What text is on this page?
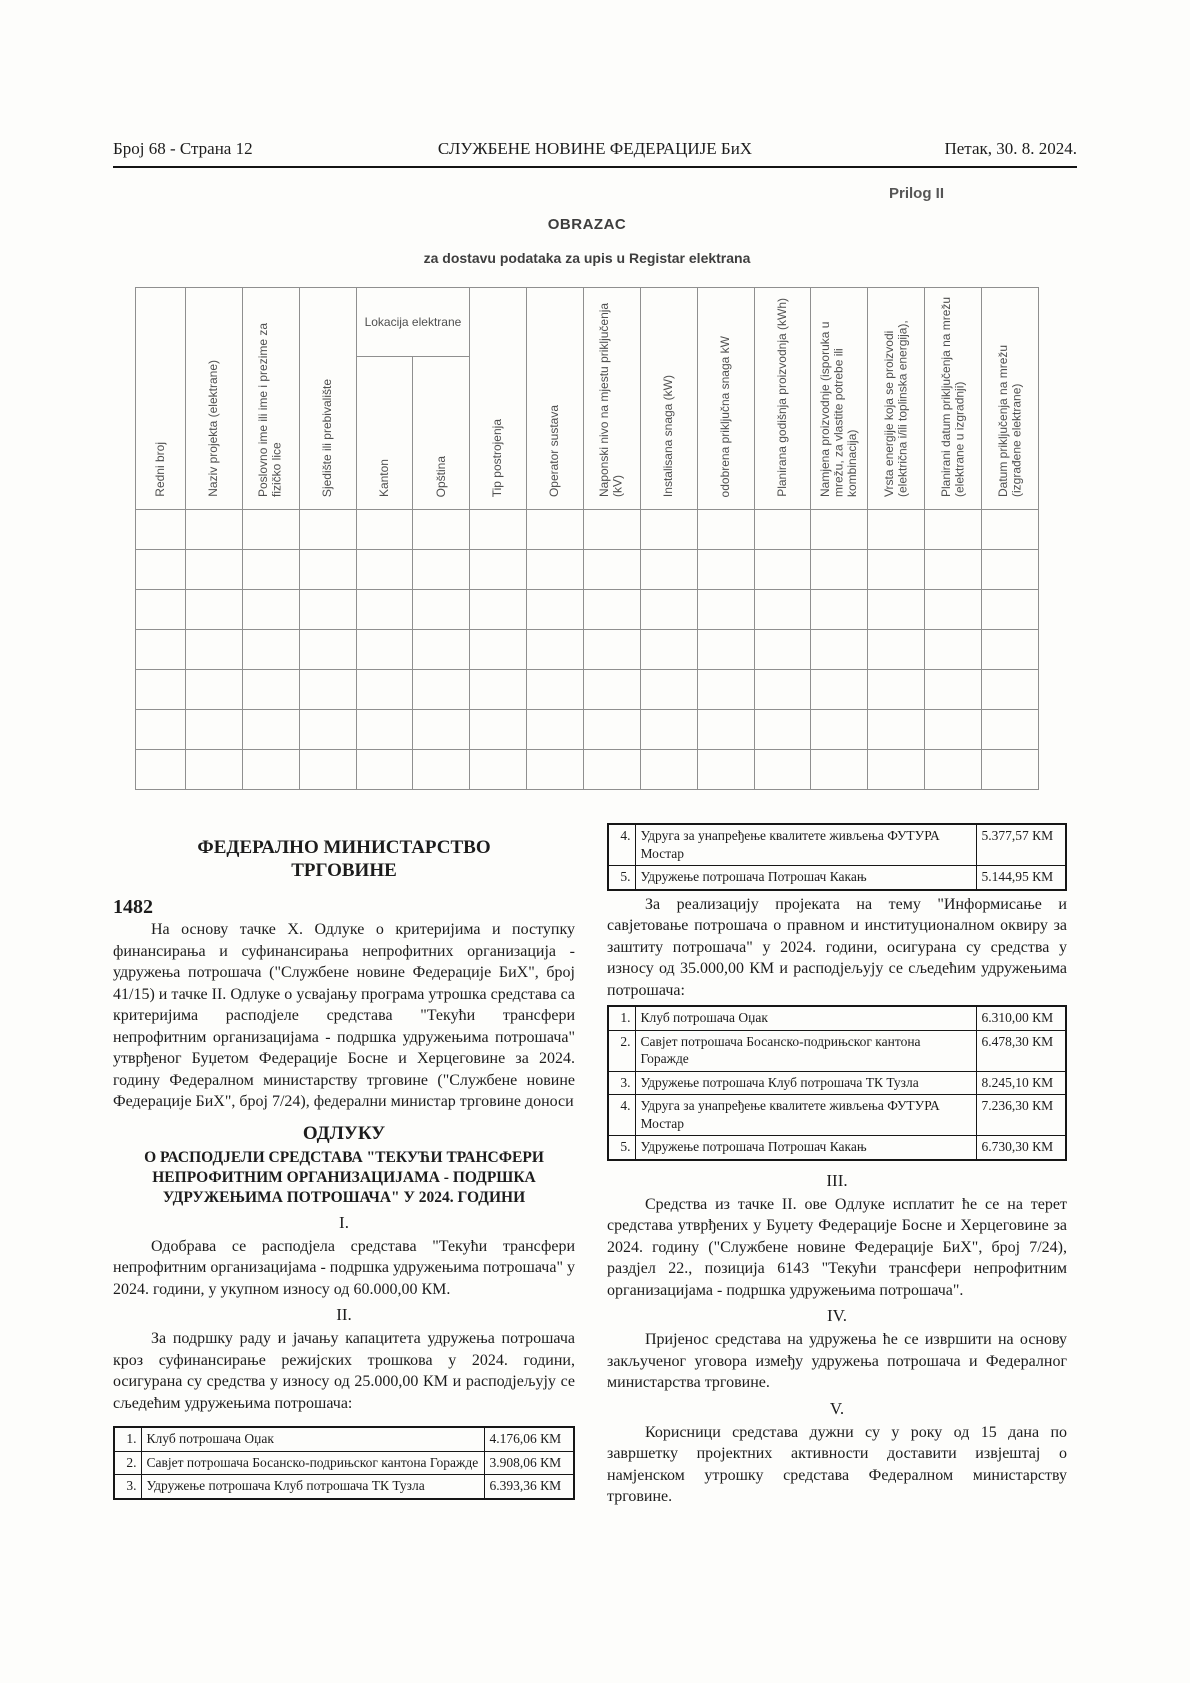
Број 68 - Страна 12	СЛУЖБЕНЕ НОВИНЕ ФЕДЕРАЦИЈЕ БиХ	Петак, 30. 8. 2024.
Prilog II
OBRAZAC
za dostavu podataka za upis u Registar elektrana
Redni broj	Naziv projekta (elektrane)	Poslovno ime ili ime i prezime za fizičko lice	Sjedište ili prebivalište	Lokacija elektrane		Tip postrojenja	Operator sustava	Naponski nivo na mjestu priključenja (kV)	Instalisana snaga (kW)	odobrena priključna snaga kW	Planirana godišnja proizvodnja (kWh)	Namjena proizvodnje (isporuka u mrežu, za vlastite potrebe ili kombinacija)	Vrsta energije koja se proizvodi (električna i/ili toplinska energija),	Planirani datum priključenja na mrežu (elektrane u izgradnji)	Datum priključenja na mrežu (izgrađene elektrane)
				Kanton	Opština										

ФЕДЕРАЛНО МИНИСТАРСТВО ТРГОВИНЕ
1482

На основу тачке X. Одлуке о критеријима и поступку финансирања и суфинансирања непрофитних организација - удружења потрошача ("Службене новине Федерације БиХ", број 41/15) и тачке II. Одлуке о усвајању програма утрошка средстава са критеријима расподјеле средстава "Текући трансфери непрофитним организацијама - подршка удружењима потрошача" утврђеног Буџетом Федерације Босне и Херцеговине за 2024. годину Федералном министарству трговине ("Службене новине Федерације БиХ", број 7/24), федерални министар трговине доноси

ОДЛУКУ
О РАСПОДЈЕЛИ СРЕДСТАВА "ТЕКУЋИ ТРАНСФЕРИ НЕПРОФИТНИМ ОРГАНИЗАЦИЈАМА - ПОДРШКА УДРУЖЕЊИМА ПОТРОШАЧА" У 2024. ГОДИНИ
I.

Одобрава се расподјела средстава "Текући трансфери непрофитним организацијама - подршка удружењима потрошача" у 2024. години, у укупном износу од 60.000,00 КМ.

II.

За подршку раду и јачању капацитета удружења потрошача кроз суфинансирање режијских трошкова у 2024. години, осигурана су средства у износу од 25.000,00 КМ и расподјељују се сљедећим удружењима потрошача:

1.	Клуб потрошача Оџак	4.176,06 КМ
2.	Савјет потрошача Босанско-подрињског кантона Горажде	3.908,06 КМ
3.	Удружење потрошача Клуб потрошача ТК Тузла	6.393,36 КМ
4.	Удруга за унапређење квалитете живљења ФУТУРА Мостар	5.377,57 КМ
5.	Удружење потрошача Потрошач Какањ	5.144,95 КМ

За реализацију пројеката на тему "Информисање и савјетовање потрошача о правном и институционалном оквиру за заштиту потрошача" у 2024. години, осигурана су средства у износу од 35.000,00 КМ и расподјељују се сљедећим удружењима потрошача:

1.	Клуб потрошача Оџак	6.310,00 КМ
2.	Савјет потрошача Босанско-подрињског кантона Горажде	6.478,30 КМ
3.	Удружење потрошача Клуб потрошача ТК Тузла	8.245,10 КМ
4.	Удруга за унапређење квалитете живљења ФУТУРА Мостар	7.236,30 КМ
5.	Удружење потрошача Потрошач Какањ	6.730,30 КМ
III.

Средства из тачке II. ове Одлуке исплатит ће се на терет средстава утврђених у Буџету Федерације Босне и Херцеговине за 2024. годину ("Службене новине Федерације БиХ", број 7/24), раздјел 22., позиција 6143 "Текући трансфери непрофитним организацијама - подршка удружењима потрошача".

IV.

Пријенос средстава на удружења ће се извршити на основу закљученог уговора између удружења потрошача и Федералног министарства трговине.

V.

Корисници средстава дужни су у року од 15 дана по завршетку пројектних активности доставити извјештај о намјенском утрошку средстава Федералном министарству трговине.
